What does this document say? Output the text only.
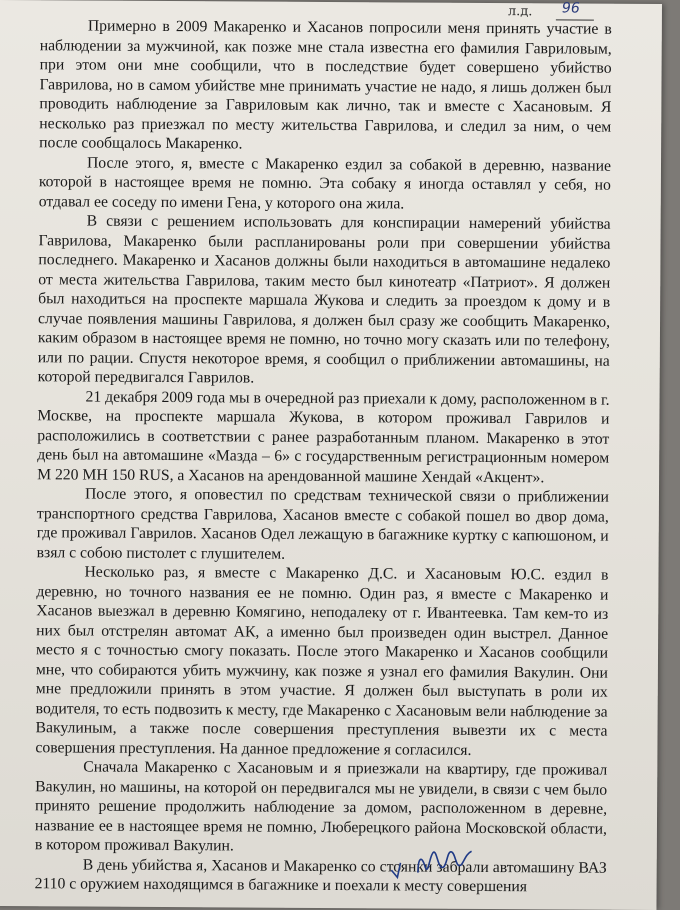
л.д. 96

Примерно в 2009 Макаренко и Хасанов попросили меня принять участие в наблюдении за мужчиной, как позже мне стала известна его фамилия Гавриловым, при этом они мне сообщили, что в последствие будет совершено убийство Гаврилова, но в самом убийстве мне принимать участие не надо, я лишь должен был проводить наблюдение за Гавриловым как лично, так и вместе с Хасановым. Я несколько раз приезжал по месту жительства Гаврилова, и следил за ним, о чем после сообщалось Макаренко.

После этого, я, вместе с Макаренко ездил за собакой в деревню, название которой в настоящее время не помню. Эта собаку я иногда оставлял у себя, но отдавал ее соседу по имени Гена, у которого она жила.

В связи с решением использовать для конспирации намерений убийства Гаврилова, Макаренко были распланированы роли при совершении убийства последнего. Макаренко и Хасанов должны были находиться в автомашине недалеко от места жительства Гаврилова, таким место был кинотеатр «Патриот». Я должен был находиться на проспекте маршала Жукова и следить за проездом к дому и в случае появления машины Гаврилова, я должен был сразу же сообщить Макаренко, каким образом в настоящее время не помню, но точно могу сказать или по телефону, или по рации. Спустя некоторое время, я сообщил о приближении автомашины, на которой передвигался Гаврилов.

21 декабря 2009 года мы в очередной раз приехали к дому, расположенном в г. Москве, на проспекте маршала Жукова, в котором проживал Гаврилов и расположились в соответствии с ранее разработанным планом. Макаренко в этот день был на автомашине «Мазда – 6» с государственным регистрационным номером М 220 МН 150 RUS, а Хасанов на арендованной машине Хендай «Акцент».

После этого, я оповестил по средствам технической связи о приближении транспортного средства Гаврилова, Хасанов вместе с собакой пошел во двор дома, где проживал Гаврилов. Хасанов Одел лежащую в багажнике куртку с капюшоном, и взял с собою пистолет с глушителем.

Несколько раз, я вместе с Макаренко Д.С. и Хасановым Ю.С. ездил в деревню, но точного названия ее не помню. Один раз, я вместе с Макаренко и Хасанов выезжал в деревню Комягино, неподалеку от г. Ивантеевка. Там кем-то из них был отстрелян автомат АК, а именно был произведен один выстрел. Данное место я с точностью смогу показать. После этого Макаренко и Хасанов сообщили мне, что собираются убить мужчину, как позже я узнал его фамилия Вакулин. Они мне предложили принять в этом участие. Я должен был выступать в роли их водителя, то есть подвозить к месту, где Макаренко с Хасановым вели наблюдение за Вакулиным, а также после совершения преступления вывезти их с места совершения преступления. На данное предложение я согласился.

Сначала Макаренко с Хасановым и я приезжали на квартиру, где проживал Вакулин, но машины, на которой он передвигался мы не увидели, в связи с чем было принято решение продолжить наблюдение за домом, расположенном в деревне, название ее в настоящее время не помню, Люберецкого района Московской области, в котором проживал Вакулин.

В день убийства я, Хасанов и Макаренко со стоянки забрали автомашину ВАЗ 2110 с оружием находящимся в багажнике и поехали к месту совершения
